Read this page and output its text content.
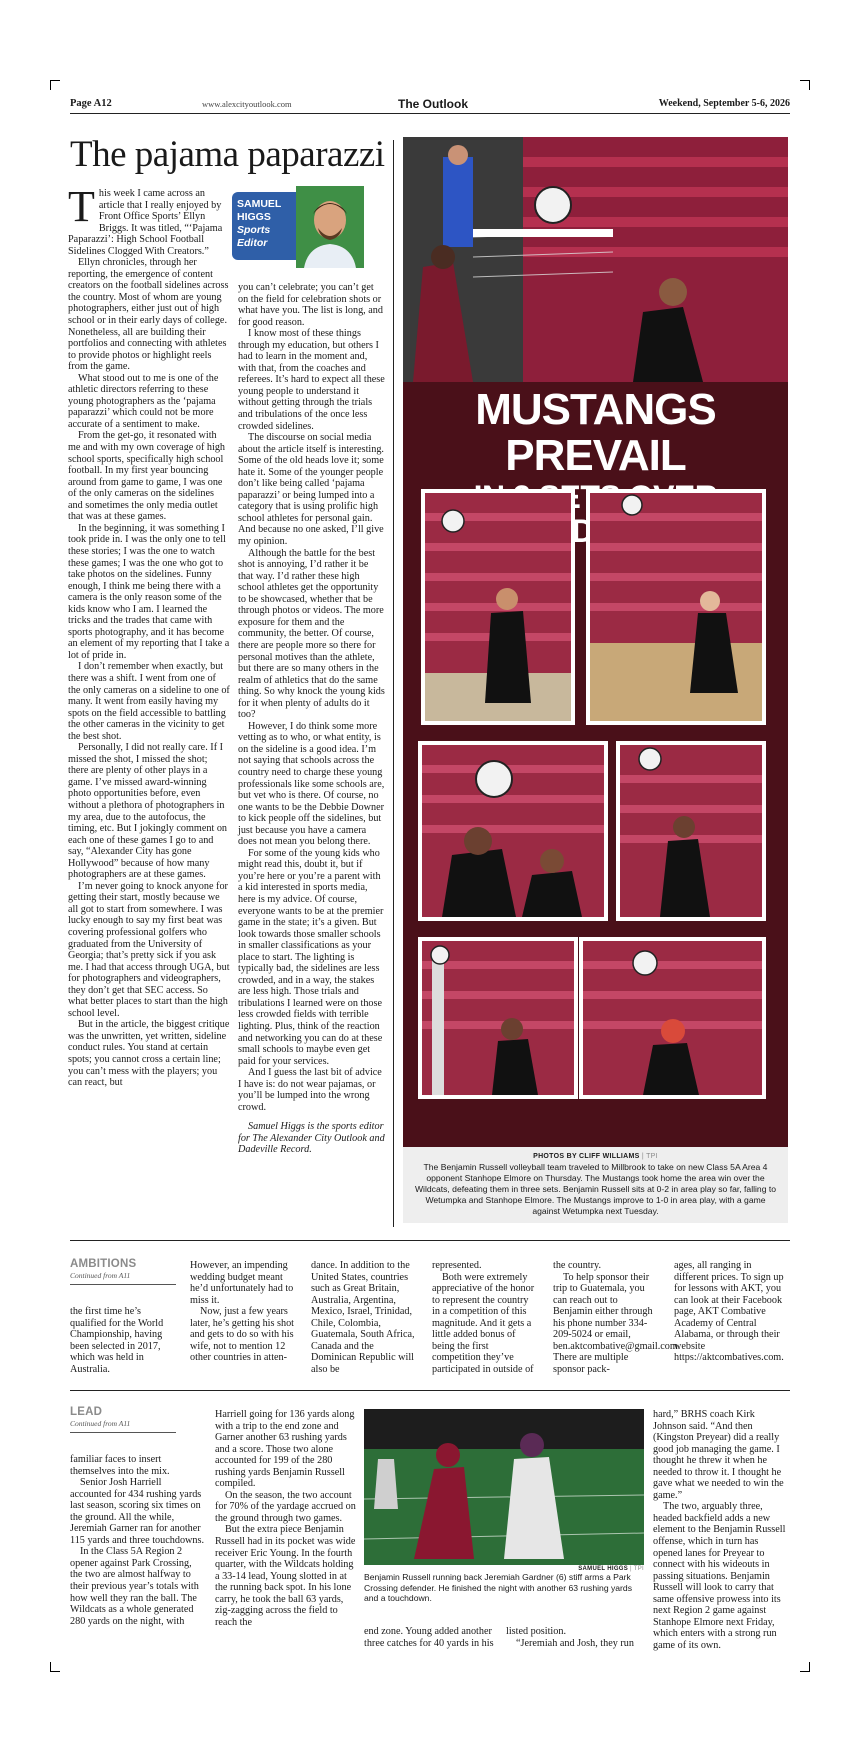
Page A12	www.alexcityoutlook.com	The Outlook	Weekend, September 5-6, 2026
The pajama paparazzi

This week I came across an article that I really enjoyed by Front Office Sports’ Ellyn Briggs. It was titled, “‘Pajama Paparazzi’: High School Football Sidelines Clogged With Creators.”

Ellyn chronicles, through her reporting, the emergence of content creators on the football sidelines across the country. Most of whom are young photographers, either just out of high school or in their early days of college. Nonetheless, all are building their portfolios and connecting with athletes to provide photos or highlight reels from the game.

What stood out to me is one of the athletic directors referring to these young photographers as the ‘pajama paparazzi’ which could not be more accurate of a sentiment to make.

From the get-go, it resonated with me and with my own coverage of high school sports, specifically high school football. In my first year bouncing around from game to game, I was one of the only cameras on the sidelines and sometimes the only media outlet that was at these games.

In the beginning, it was something I took pride in. I was the only one to tell these stories; I was the one to watch these games; I was the one who got to take photos on the sidelines. Funny enough, I think me being there with a camera is the only reason some of the kids know who I am. I learned the tricks and the trades that came with sports photography, and it has become an element of my reporting that I take a lot of pride in.

I don’t remember when exactly, but there was a shift. I went from one of the only cameras on a sideline to one of many. It went from easily having my spots on the field accessible to battling the other cameras in the vicinity to get the best shot.

Personally, I did not really care. If I missed the shot, I missed the shot; there are plenty of other plays in a game. I’ve missed award-winning photo opportunities before, even without a plethora of photographers in my area, due to the autofocus, the timing, etc. But I jokingly comment on each one of these games I go to and say, “Alexander City has gone Hollywood” because of how many photographers are at these games.

I’m never going to knock anyone for getting their start, mostly because we all got to start from somewhere. I was lucky enough to say my first beat was covering professional golfers who graduated from the University of Georgia; that’s pretty sick if you ask me. I had that access through UGA, but for photographers and videographers, they don’t get that SEC access. So what better places to start than the high school level.

But in the article, the biggest critique was the unwritten, yet written, sideline conduct rules. You stand at certain spots; you cannot cross a certain line; you can’t mess with the players; you can react, but

SAMUEL
HIGGS
Sports
Editor

you can’t celebrate; you can’t get on the field for celebration shots or what have you. The list is long, and for good reason.

I know most of these things through my education, but others I had to learn in the moment and, with that, from the coaches and referees. It’s hard to expect all these young people to understand it without getting through the trials and tribulations of the once less crowded sidelines.

The discourse on social media about the article itself is interesting. Some of the old heads love it; some hate it. Some of the younger people don’t like being called ‘pajama paparazzi’ or being lumped into a category that is using prolific high school athletes for personal gain. And because no one asked, I’ll give my opinion.

Although the battle for the best shot is annoying, I’d rather it be that way. I’d rather these high school athletes get the opportunity to be showcased, whether that be through photos or videos. The more exposure for them and the community, the better. Of course, there are people more so there for personal motives than the athlete, but there are so many others in the realm of athletics that do the same thing. So why knock the young kids for it when plenty of adults do it too?

However, I do think some more vetting as to who, or what entity, is on the sideline is a good idea. I’m not saying that schools across the country need to charge these young professionals like some schools are, but vet who is there. Of course, no one wants to be the Debbie Downer to kick people off the sidelines, but just because you have a camera does not mean you belong there.

For some of the young kids who might read this, doubt it, but if you’re here or you’re a parent with a kid interested in sports media, here is my advice. Of course, everyone wants to be at the premier game in the state; it’s a given. But look towards those smaller schools in smaller classifications as your place to start. The lighting is typically bad, the sidelines are less crowded, and in a way, the stakes are less high. Those trials and tribulations I learned were on those less crowded fields with terrible lighting. Plus, think of the reaction and networking you can do at these small schools to maybe even get paid for your services.

And I guess the last bit of advice I have is: do not wear pajamas, or you’ll be lumped into the wrong crowd.

Samuel Higgs is the sports editor for The Alexander City Outlook and Dadeville Record.

MUSTANGS PREVAIL
SETS
PHOTOS BY CLIFF WILLIAMS | TPI
The Benjamin Russell volleyball team traveled to Millbrook to take on new Class 5A Area 4 opponent Stanhope Elmore on Thursday. The Mustangs took home the area win over the Wildcats, defeating them in three sets. Benjamin Russell sits at 0-2 in area play so far, falling to Wetumpka and Stanhope Elmore. The Mustangs improve to 1-0 in area play, with a game against Wetumpka next Tuesday.
AMBITIONS
Continued from A11

the first time he’s qualified for the World Championship, having been selected in 2017, which was held in Australia.

However, an impending wedding budget meant he’d unfortunately had to miss it.

Now, just a few years later, he’s getting his shot and gets to do so with his wife, not to mention 12 other countries in atten-

dance. In addition to the United States, countries such as Great Britain, Australia, Argentina, Mexico, Israel, Trinidad, Chile, Colombia, Guatemala, South Africa, Canada and the Dominican Republic will also be

represented.

Both were extremely appreciative of the honor to represent the country in a competition of this magnitude. And it gets a little added bonus of being the first competition they’ve participated in outside of

the country.

To help sponsor their trip to Guatemala, you can reach out to Benjamin either through his phone number 334-209-5024 or email, ben.aktcombative@gmail.com. There are multiple sponsor pack-

ages, all ranging in different prices. To sign up for lessons with AKT, you can look at their Facebook page, AKT Combative Academy of Central Alabama, or through their website https://aktcombatives.com.

LEAD
Continued from A11

familiar faces to insert themselves into the mix.

Senior Josh Harriell accounted for 434 rushing yards last season, scoring six times on the ground. All the while, Jeremiah Garner ran for another 115 yards and three touchdowns.

In the Class 5A Region 2 opener against Park Crossing, the two are almost halfway to their previous year’s totals with how well they ran the ball. The Wildcats as a whole generated 280 yards on the night, with

Harriell going for 136 yards along with a trip to the end zone and Garner another 63 rushing yards and a score. Those two alone accounted for 199 of the 280 rushing yards Benjamin Russell compiled.

On the season, the two account for 70% of the yardage accrued on the ground through two games.

But the extra piece Benjamin Russell had in its pocket was wide receiver Eric Young. In the fourth quarter, with the Wildcats holding a 33-14 lead, Young slotted in at the running back spot. In his lone carry, he took the ball 63 yards, zig-zagging across the field to reach the

SAMUEL HIGGS | TPI
Benjamin Russell running back Jeremiah Gardner (6) stiff arms a Park Crossing defender. He finished the night with another 63 rushing yards and a touchdown.

end zone. Young added another three catches for 40 yards in his

listed position.

“Jeremiah and Josh, they run

hard,” BRHS coach Kirk Johnson said. “And then (Kingston Preyear) did a really good job managing the game. I thought he threw it when he needed to throw it. I thought he gave what we needed to win the game.”

The two, arguably three, headed backfield adds a new element to the Benjamin Russell offense, which in turn has opened lanes for Preyear to connect with his wideouts in passing situations. Benjamin Russell will look to carry that same offensive prowess into its next Region 2 game against Stanhope Elmore next Friday, which enters with a strong run game of its own.
